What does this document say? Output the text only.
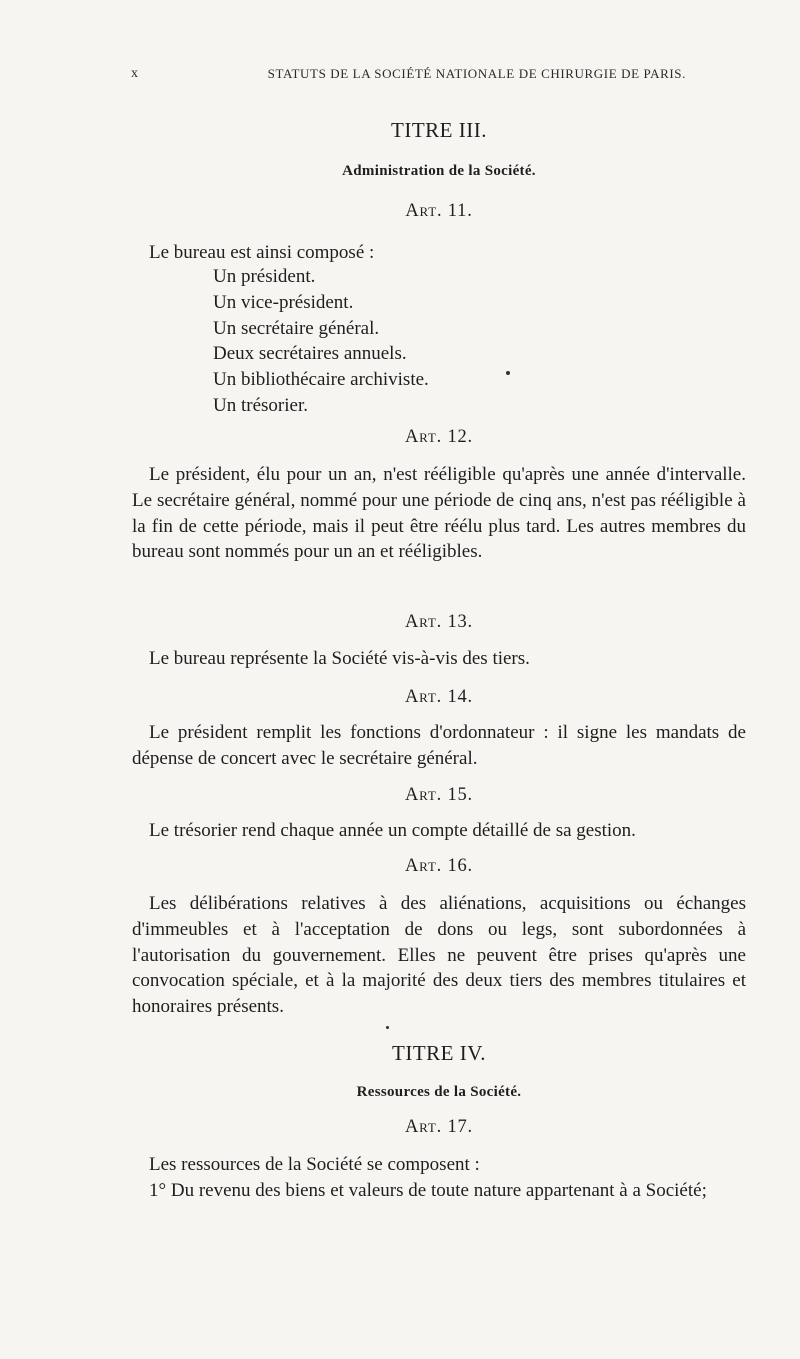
x	STATUTS DE LA SOCIÉTÉ NATIONALE DE CHIRURGIE DE PARIS.
TITRE III.
Administration de la Société.
Art. 11.
Le bureau est ainsi composé :
Un président.
Un vice-président.
Un secrétaire général.
Deux secrétaires annuels.
Un bibliothécaire archiviste.
Un trésorier.
Art. 12.
Le président, élu pour un an, n'est rééligible qu'après une année d'intervalle. Le secrétaire général, nommé pour une période de cinq ans, n'est pas rééligible à la fin de cette période, mais il peut être réélu plus tard. Les autres membres du bureau sont nommés pour un an et rééligibles.
Art. 13.
Le bureau représente la Société vis-à-vis des tiers.
Art. 14.
Le président remplit les fonctions d'ordonnateur : il signe les mandats de dépense de concert avec le secrétaire général.
Art. 15.
Le trésorier rend chaque année un compte détaillé de sa gestion.
Art. 16.
Les délibérations relatives à des aliénations, acquisitions ou échanges d'immeubles et à l'acceptation de dons ou legs, sont subordonnées à l'autorisation du gouvernement. Elles ne peuvent être prises qu'après une convocation spéciale, et à la majorité des deux tiers des membres titulaires et honoraires présents.
TITRE IV.
Ressources de la Société.
Art. 17.
Les ressources de la Société se composent :
1° Du revenu des biens et valeurs de toute nature appartenant à a Société;
